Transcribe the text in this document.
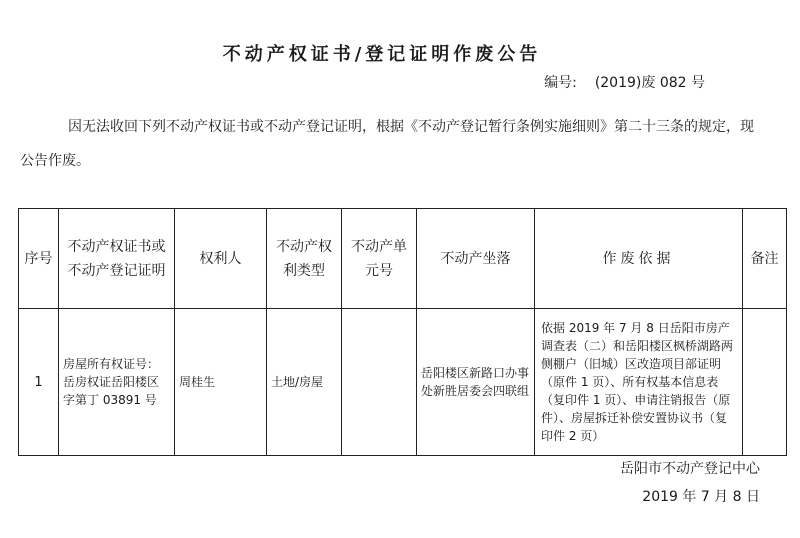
不动产权证书/登记证明作废公告
编号: (2019)废 082 号
因无法收回下列不动产权证书或不动产登记证明，根据《不动产登记暂行条例实施细则》第二十三条的规定，现公告作废。
序号	不动产权证书或不动产登记证明	权利人	不动产权利类型	不动产单元号	不动产坐落	作废依据	备注
1	房屋所有权证号：岳房权证岳阳楼区字第丁 03891 号	周桂生	土地/房屋		岳阳楼区新路口办事处新胜居委会四联组	依据 2019 年 7 月 8 日岳阳市房产调查表（二）和岳阳楼区枫桥湖路两侧棚户（旧城）区改造项目部证明（原件 1 页）、所有权基本信息表（复印件 1 页）、申请注销报告（原件）、房屋拆迁补偿安置协议书（复印件 2 页）	
岳阳市不动产登记中心
2019 年 7 月 8 日
